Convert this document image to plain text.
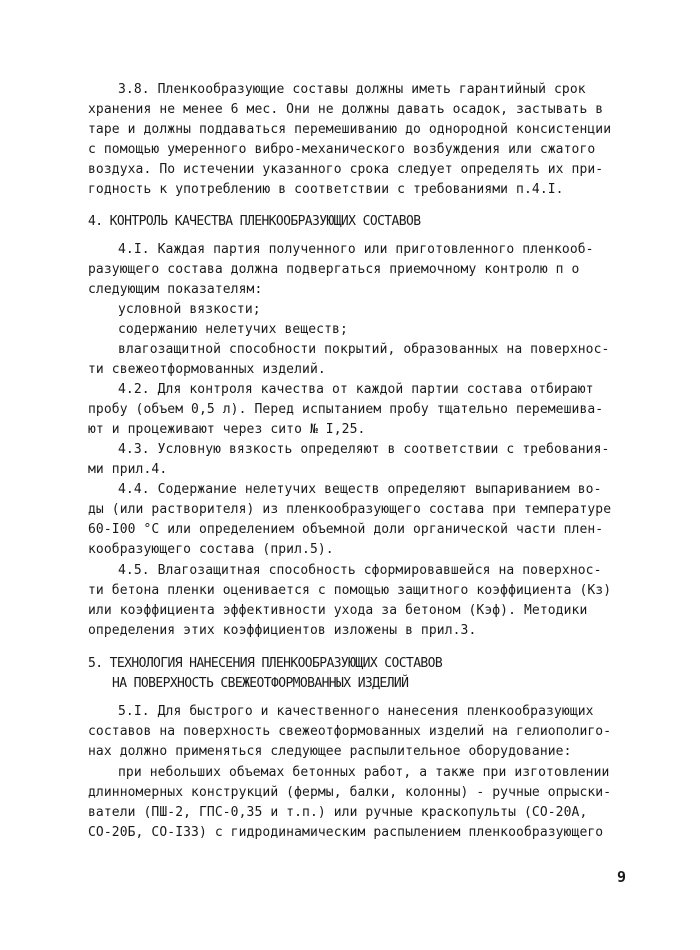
3.8. Пленкообразующие составы должны иметь гарантийный срок
хранения не менее 6 мес. Они не должны давать осадок, застывать в
таре и должны поддаваться перемешиванию до однородной консистенции
с помощью умеренного вибро-механического возбуждения или сжатого
воздуха. По истечении указанного срока следует определять их при-
годность к употреблению в соответствии с требованиями п.4.I.
4. КОНТРОЛЬ КАЧЕСТВА ПЛЕНКООБРАЗУЮЩИХ СОСТАВОВ
4.I. Каждая партия полученного или приготовленного пленкооб-
разующего состава должна подвергаться приемочному контролю п о
следующим показателям:
условной вязкости;
содержанию нелетучих веществ;
влагозащитной способности покрытий, образованных на поверхнос-
ти свежеотформованных изделий.
4.2. Для контроля качества от каждой партии состава отбирают
пробу (объем 0,5 л). Перед испытанием пробу тщательно перемешива-
ют и процеживают через сито № I,25.
4.3. Условную вязкость определяют в соответствии с требования-
ми прил.4.
4.4. Содержание нелетучих веществ определяют выпариванием во-
ды (или растворителя) из пленкообразующего состава при температуре
60-I00 °С или определением объемной доли органической части плен-
кообразующего состава (прил.5).
4.5. Влагозащитная способность сформировавшейся на поверхнос-
ти бетона пленки оценивается с помощью защитного коэффициента (Кз)
или коэффициента эффективности ухода за бетоном (Кэф). Методики
определения этих коэффициентов изложены в прил.3.
5. ТЕХНОЛОГИЯ НАНЕСЕНИЯ ПЛЕНКООБРАЗУЮЩИХ СОСТАВОВ
НА ПОВЕРХНОСТЬ СВЕЖЕОТФОРМОВАННЫХ ИЗДЕЛИЙ
5.I. Для быстрого и качественного нанесения пленкообразующих
составов на поверхность свежеотформованных изделий на гелиополиго-
нах должно применяться следующее распылительное оборудование:
при небольших объемах бетонных работ, а также при изготовлении
длинномерных конструкций (фермы, балки, колонны) - ручные опрыски-
ватели (ПШ-2, ГПС-0,35 и т.п.) или ручные краскопульты (СО-20А,
СО-20Б, СО-I33) с гидродинамическим распылением пленкообразующего
9
